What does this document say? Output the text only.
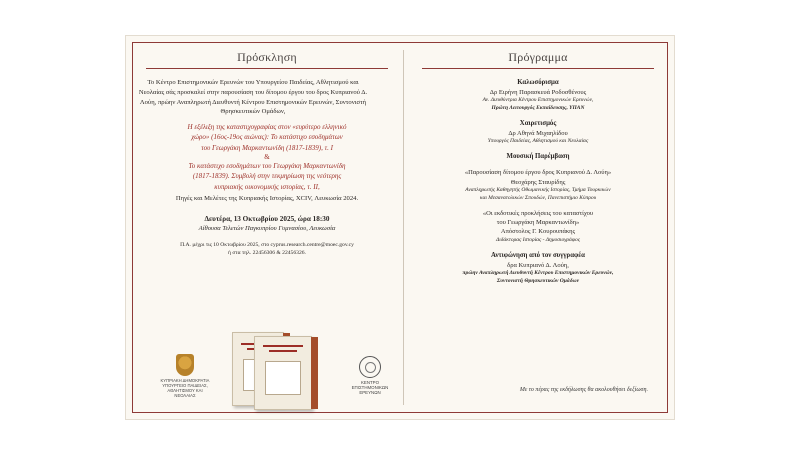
Πρόσκληση
Το Κέντρο Επιστημονικών Ερευνών του Υπουργείου Παιδείας, Αθλητισμού και Νεολαίας σάς προσκαλεί στην παρουσίαση του δίτομου έργου του δρος Κυπριανού Δ. Λούη, πρώην Αναπληρωτή Διευθυντή Κέντρου Επιστημονικών Ερευνών, Συντονιστή Θρησκευτικών Ομάδων,
Η εξέλιξη της καταστιχογραφίας στον «ευρύτερο ελληνικό
χώρο» (16ος-19ος αιώνας): Το κατάστιχο εσοδημάτων
του Γεωργάκη Μαρκαντωνίδη (1817-1839), τ. Ι
&
Το κατάστιχο εσοδημάτων του Γεωργάκη Μαρκαντωνίδη
(1817-1839). Συμβολή στην τεκμηρίωση της νεότερης
κυπριακής οικονομικής ιστορίας, τ. ΙΙ,
Πηγές και Μελέτες της Κυπριακής Ιστορίας, XCIV, Λευκωσία 2024.
Δευτέρα, 13 Οκτωβρίου 2025, ώρα 18:30
Αίθουσα Τελετών Παγκυπρίου Γυμνασίου, Λευκωσία
Π.Α. μέχρι τις 10 Οκτωβρίου 2025, στο cyprus.research.centre@moec.gov.cy
ή στα τηλ. 22456306 & 22456326.
ΚΥΠΡΙΑΚΗ ΔΗΜΟΚΡΑΤΙΑ
ΥΠΟΥΡΓΕΙΟ ΠΑΙΔΕΙΑΣ,
ΑΘΛΗΤΙΣΜΟΥ ΚΑΙ ΝΕΟΛΑΙΑΣ
ΚΕΝΤΡΟ
ΕΠΙΣΤΗΜΟΝΙΚΩΝ ΕΡΕΥΝΩΝ
Πρόγραμμα
Καλωσόρισμα
Δρ Ειρήνη Παρασκευά Ροδοσθένους
Αν. Διευθύντρια Κέντρου Επιστημονικών Ερευνών,
Πρώτη Λειτουργός Εκπαίδευσης, ΥΠΑΝ
Χαιρετισμός
Δρ Αθηνά Μιχαηλίδου
Υπουργός Παιδείας, Αθλητισμού και Νεολαίας
Μουσική Παρέμβαση
«Παρουσίαση δίτομου έργου δρος Κυπριανού Δ. Λούη»
Θεοχάρης Σταυρίδης
Αναπληρωτής Καθηγητής Οθωμανικής Ιστορίας, Τμήμα Τουρκικών
και Μεσανατολικών Σπουδών, Πανεπιστήμιο Κύπρου
«Οι εκδοτικές προκλήσεις του καταστίχου
του Γεωργάκη Μαρκαντωνίδη»
Απόστολος Γ. Κουρουπάκης
Διδάκτορας Ιστορίας - Δημοσιογράφος
Αντιφώνηση από τον συγγραφέα
δρα Κυπριανό Δ. Λούη,
πρώην Αναπληρωτή Διευθυντή Κέντρου Επιστημονικών Ερευνών,
Συντονιστή Θρησκευτικών Ομάδων
Με το πέρας της εκδήλωσης θα ακολουθήσει δεξίωση.
